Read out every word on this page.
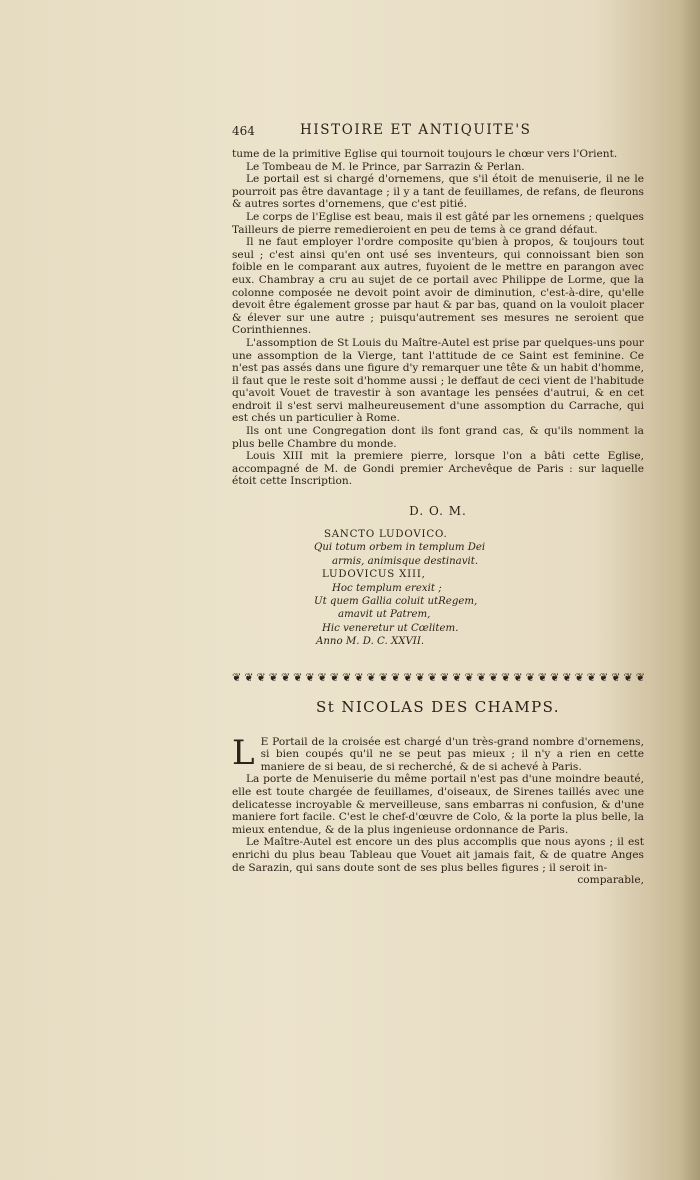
464	HISTOIRE ET ANTIQUITE'S

tume de la primitive Eglise qui tournoit toujours le chœur vers l'Orient.

Le Tombeau de M. le Prince, par Sarrazin & Perlan.

Le portail est si chargé d'ornemens, que s'il étoit de menuiserie, il ne le pourroit pas être davantage ; il y a tant de feuillames, de refans, de fleurons & autres sortes d'ornemens, que c'est pitié.

Le corps de l'Eglise est beau, mais il est gâté par les ornemens ; quelques Tailleurs de pierre remedieroient en peu de tems à ce grand défaut.

Il ne faut employer l'ordre composite qu'bien à propos, & toujours tout seul ; c'est ainsi qu'en ont usé ses inventeurs, qui connoissant bien son foible en le comparant aux autres, fuyoient de le mettre en parangon avec eux. Chambray a cru au sujet de ce portail avec Philippe de Lorme, que la colonne composée ne devoit point avoir de diminution, c'est-à-dire, qu'elle devoit être également grosse par haut & par bas, quand on la vouloit placer & élever sur une autre ; puisqu'autrement ses mesures ne seroient que Corinthiennes.

L'assomption de St Louis du Maître-Autel est prise par quelques-uns pour une assomption de la Vierge, tant l'attitude de ce Saint est feminine. Ce n'est pas assés dans une figure d'y remarquer une tête & un habit d'homme, il faut que le reste soit d'homme aussi ; le deffaut de ceci vient de l'habitude qu'avoit Vouet de travestir à son avantage les pensées d'autrui, & en cet endroit il s'est servi malheureusement d'une assomption du Carrache, qui est chés un particulier à Rome.

Ils ont une Congregation dont ils font grand cas, & qu'ils nomment la plus belle Chambre du monde.

Louis XIII mit la premiere pierre, lorsque l'on a bâti cette Eglise, accompagné de M. de Gondi premier Archevêque de Paris : sur laquelle étoit cette Inscription.

D. O. M.
SANCTO LUDOVICO.
Qui totum orbem in templum Dei
armis, animisque destinavit.
LUDOVICUS XIII,
Hoc templum erexit ;
Ut quem Gallia coluit utRegem,
amavit ut Patrem,
Hic veneretur ut Cœlitem.
Anno M. D. C. XXVII.
❦ ❦ ❦ ❦ ❦ ❦ ❦ ❦ ❦ ❦ ❦ ❦ ❦ ❦ ❦ ❦ ❦ ❦ ❦ ❦ ❦ ❦ ❦ ❦ ❦ ❦ ❦ ❦ ❦ ❦ ❦ ❦ ❦ ❦
St NICOLAS DES CHAMPS.
L E Portail de la croisée est chargé d'un très-grand nombre d'ornemens, si bien coupés qu'il ne se peut pas mieux ; il n'y a rien en cette maniere de si beau, de si recherché, & de si achevé à Paris.

La porte de Menuiserie du même portail n'est pas d'une moindre beauté, elle est toute chargée de feuillames, d'oiseaux, de Sirenes taillés avec une delicatesse incroyable & merveilleuse, sans embarras ni confusion, & d'une maniere fort facile. C'est le chef-d'œuvre de Colo, & la porte la plus belle, la mieux entendue, & de la plus ingenieuse ordonnance de Paris.

Le Maître-Autel est encore un des plus accomplis que nous ayons ; il est enrichi du plus beau Tableau que Vouet ait jamais fait, & de quatre Anges de Sarazin, qui sans doute sont de ses plus belles figures ; il seroit in-

comparable,
